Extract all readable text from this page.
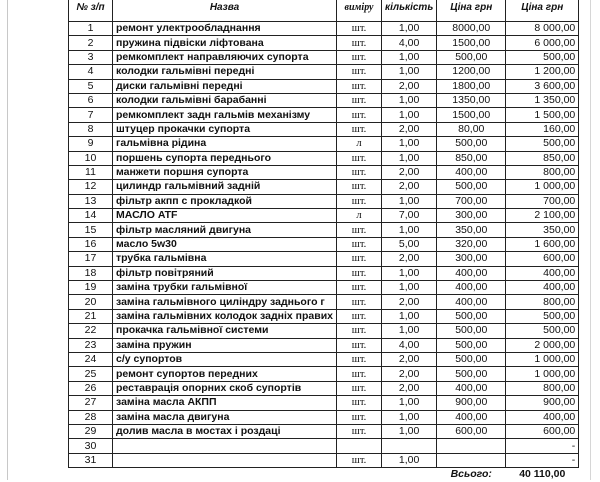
№ з/п	Назва	виміру	кількість	Ціна грн	Ціна грн
1	ремонт улектрообладнання	шт.	1,00	8000,00	8 000,00
2	пружина підвіски ліфтована	шт.	4,00	1500,00	6 000,00
3	ремкомплект направляючих супорта	шт.	1,00	500,00	500,00
4	колодки гальмівні передні	шт.	1,00	1200,00	1 200,00
5	диски гальмівні передні	шт.	2,00	1800,00	3 600,00
6	колодки гальмівні барабанні	шт.	1,00	1350,00	1 350,00
7	ремкомплект задн гальмів механізму	шт.	1,00	1500,00	1 500,00
8	штуцер прокачки супорта	шт.	2,00	80,00	160,00
9	гальмівна рідина	л	1,00	500,00	500,00
10	поршень супорта переднього	шт.	1,00	850,00	850,00
11	манжети поршня супорта	шт.	2,00	400,00	800,00
12	цилиндр гальмівний задній	шт.	2,00	500,00	1 000,00
13	фільтр акпп с прокладкой	шт.	1,00	700,00	700,00
14	МАСЛО ATF	л	7,00	300,00	2 100,00
15	фільтр масляний двигуна	шт.	1,00	350,00	350,00
16	масло 5w30	шт.	5,00	320,00	1 600,00
17	трубка гальмівна	шт.	2,00	300,00	600,00
18	фільтр повітряний	шт.	1,00	400,00	400,00
19	заміна трубки гальмівної	шт.	1,00	400,00	400,00
20	заміна гальмівного циліндру заднього г	шт.	2,00	400,00	800,00
21	заміна гальмівних колодок задніх правих	шт.	1,00	500,00	500,00
22	прокачка гальмівної системи	шт.	1,00	500,00	500,00
23	заміна пружин	шт.	4,00	500,00	2 000,00
24	с/у супортов	шт.	2,00	500,00	1 000,00
25	ремонт супортов передних	шт.	2,00	500,00	1 000,00
26	реставрація опорних скоб супортів	шт.	2,00	400,00	800,00
27	заміна масла АКПП	шт.	1,00	900,00	900,00
28	заміна масла двигуна	шт.	1,00	400,00	400,00
29	долив масла в мостах і роздаці	шт.	1,00	600,00	600,00
30					-
31		шт.	1,00		-
				Всього:	40 110,00
